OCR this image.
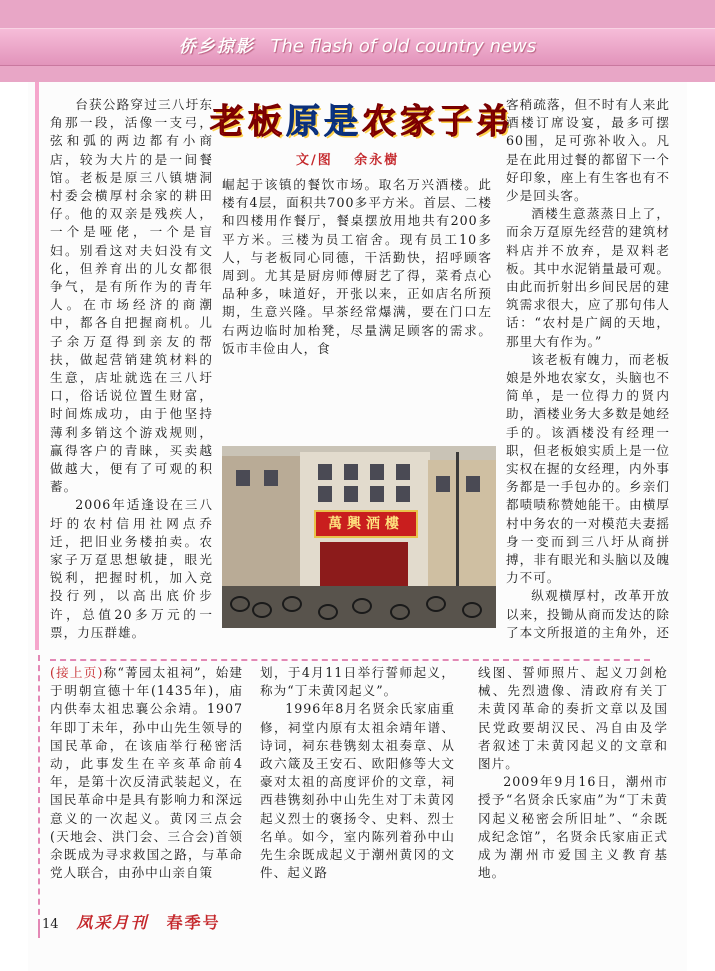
侨乡掠影 The flash of old country news
老 板 原 是 农 家 子 弟
文/图　 余永樹

台获公路穿过三八圩东角那一段，活像一支弓，弦和弧的两边都有小商店，较为大片的是一间餐馆。老板是原三八镇塘洞村委会横厚村余家的耕田仔。他的双亲是残疾人，一个是哑佬，一个是盲妇。别看这对夫妇没有文化，但养育出的儿女都很争气，是有所作为的青年人。在市场经济的商潮中，都各自把握商机。儿子余万趸得到亲友的帮扶，做起营销建筑材料的生意，店址就选在三八圩口，俗话说位置生财富，时间炼成功，由于他坚持薄利多销这个游戏规则，赢得客户的青睐，买卖越做越大，便有了可观的积蓄。

2006年适逢设在三八圩的农村信用社网点乔迁，把旧业务楼拍卖。农家子万趸思想敏捷，眼光锐利，把握时机，加入竞投行列，以高出底价步许，总值20多万元的一票，力压群雄。

崛起于该镇的餐饮市场。取名万兴酒楼。此楼有4层，面积共700多平方米。首层、二楼和四楼用作餐厅，餐桌摆放用地共有200多平方米。三楼为员工宿舍。现有员工10多人，与老板同心同德，干活勤快，招呼顾客周到。尤其是厨房师傅厨艺了得，菜肴点心品种多，味道好，开张以来，正如店名所预期，生意兴隆。早茶经常爆满，要在门口左右两边临时加枱凳，尽量满足顾客的需求。饭市丰俭由人，食

客稍疏落，但不时有人来此酒楼订席设宴，最多可摆60围，足可弥补收入。凡是在此用过餐的都留下一个好印象，座上有生客也有不少是回头客。

酒楼生意蒸蒸日上了，而余万趸原先经营的建筑材料店并不放弃，是双料老板。其中水泥销量最可观。由此而折射出乡间民居的建筑需求很大，应了那句伟人话：“农村是广阔的天地，那里大有作为。”

该老板有魄力，而老板娘是外地农家女，头脑也不简单，是一位得力的贤内助，酒楼业务大多数是她经手的。该酒楼没有经理一职，但老板娘实质上是一位实权在握的女经理，内外事务都是一手包办的。乡亲们都啧啧称赞她能干。由横厚村中务农的一对模范夫妻摇身一变而到三八圩从商拼搏，非有眼光和头脑以及魄力不可。

纵观横厚村，改革开放以来，投锄从商而发达的除了本文所报道的主角外，还

萬興酒樓

(接上页)称“菁园太祖祠”，始建于明朝宣德十年(1435年)，庙内供奉太祖忠襄公余靖。1907年即丁未年，孙中山先生领导的国民革命，在该庙举行秘密活动，此事发生在辛亥革命前4年，是第十次反清武装起义，在国民革命中是具有影响力和深远意义的一次起义。黄冈三点会(天地会、洪门会、三合会)首领余既成为寻求救国之路，与革命党人联合，由孙中山亲自策

划，于4月11日举行誓师起义，称为“丁未黄冈起义”。

1996年8月名贤余氏家庙重修，祠堂内原有太祖余靖年谱、诗词，祠东巷镌刻太祖奏章、从政六箴及王安石、欧阳修等大文豪对太祖的高度评价的文章，祠西巷镌刻孙中山先生对丁未黄冈起义烈士的褒扬令、史料、烈士名单。如今，室内陈列着孙中山先生余既成起义于潮州黄冈的文件、起义路

线图、誓师照片、起义刀剑枪械、先烈遗像、清政府有关丁未黄冈革命的奏折文章以及国民党政要胡汉民、冯自由及学者叙述丁未黄冈起义的文章和图片。

2009年9月16日，潮州市授予“名贤余氏家庙”为“丁未黄冈起义秘密会所旧址”、“余既成纪念馆”，名贤余氏家庙正式成为潮州市爱国主义教育基地。

14 凤采月刊 春季号
